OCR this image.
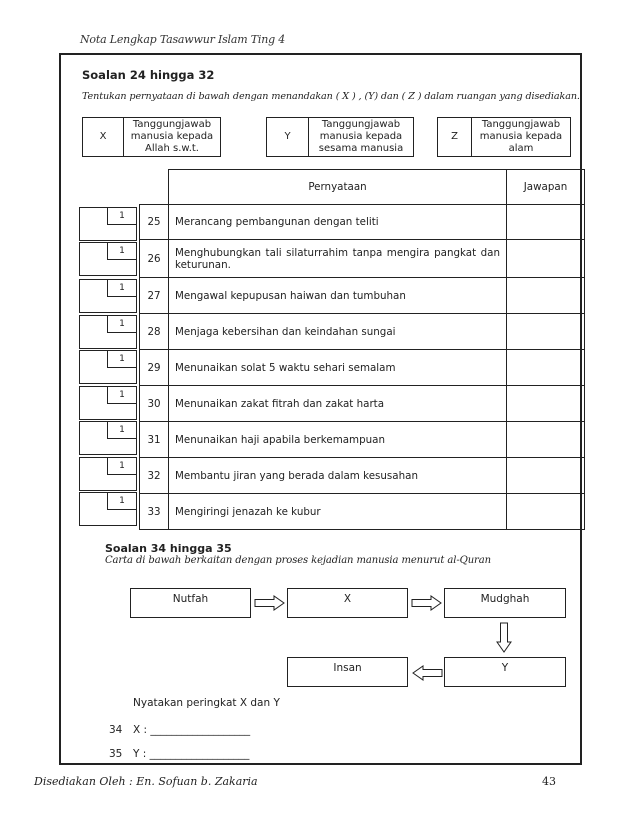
Nota Lengkap Tasawwur Islam Ting 4
Soalan 24 hingga 32
Tentukan pernyataan di bawah dengan menandakan ( X ) , (Y) dan ( Z ) dalam ruangan yang disediakan.
X
Tanggungjawab manusia kepada Allah s.w.t.
Y
Tanggungjawab manusia kepada sesama manusia
Z
Tanggungjawab manusia kepada alam
	Pernyataan	Jawapan
25	Merancang pembangunan dengan teliti	
26	Menghubungkan tali silaturrahim tanpa mengira pangkat dan keturunan.	
27	Mengawal kepupusan haiwan dan tumbuhan	
28	Menjaga kebersihan dan keindahan sungai	
29	Menunaikan solat 5 waktu sehari semalam	
30	Menunaikan zakat fitrah dan zakat harta	
31	Menunaikan haji apabila berkemampuan	
32	Membantu jiran yang berada dalam kesusahan	
33	Mengiringi jenazah ke kubur	
1
1
1
1
1
1
1
1
1
Soalan 34 hingga 35
Carta di bawah berkaitan dengan proses kejadian manusia menurut al-Quran
Nutfah	X	Mudghah
Insan	Y
Nyatakan peringkat X dan Y
34 X : ___________________
35 Y : ___________________
Disediakan Oleh : En. Sofuan b. Zakaria	43
